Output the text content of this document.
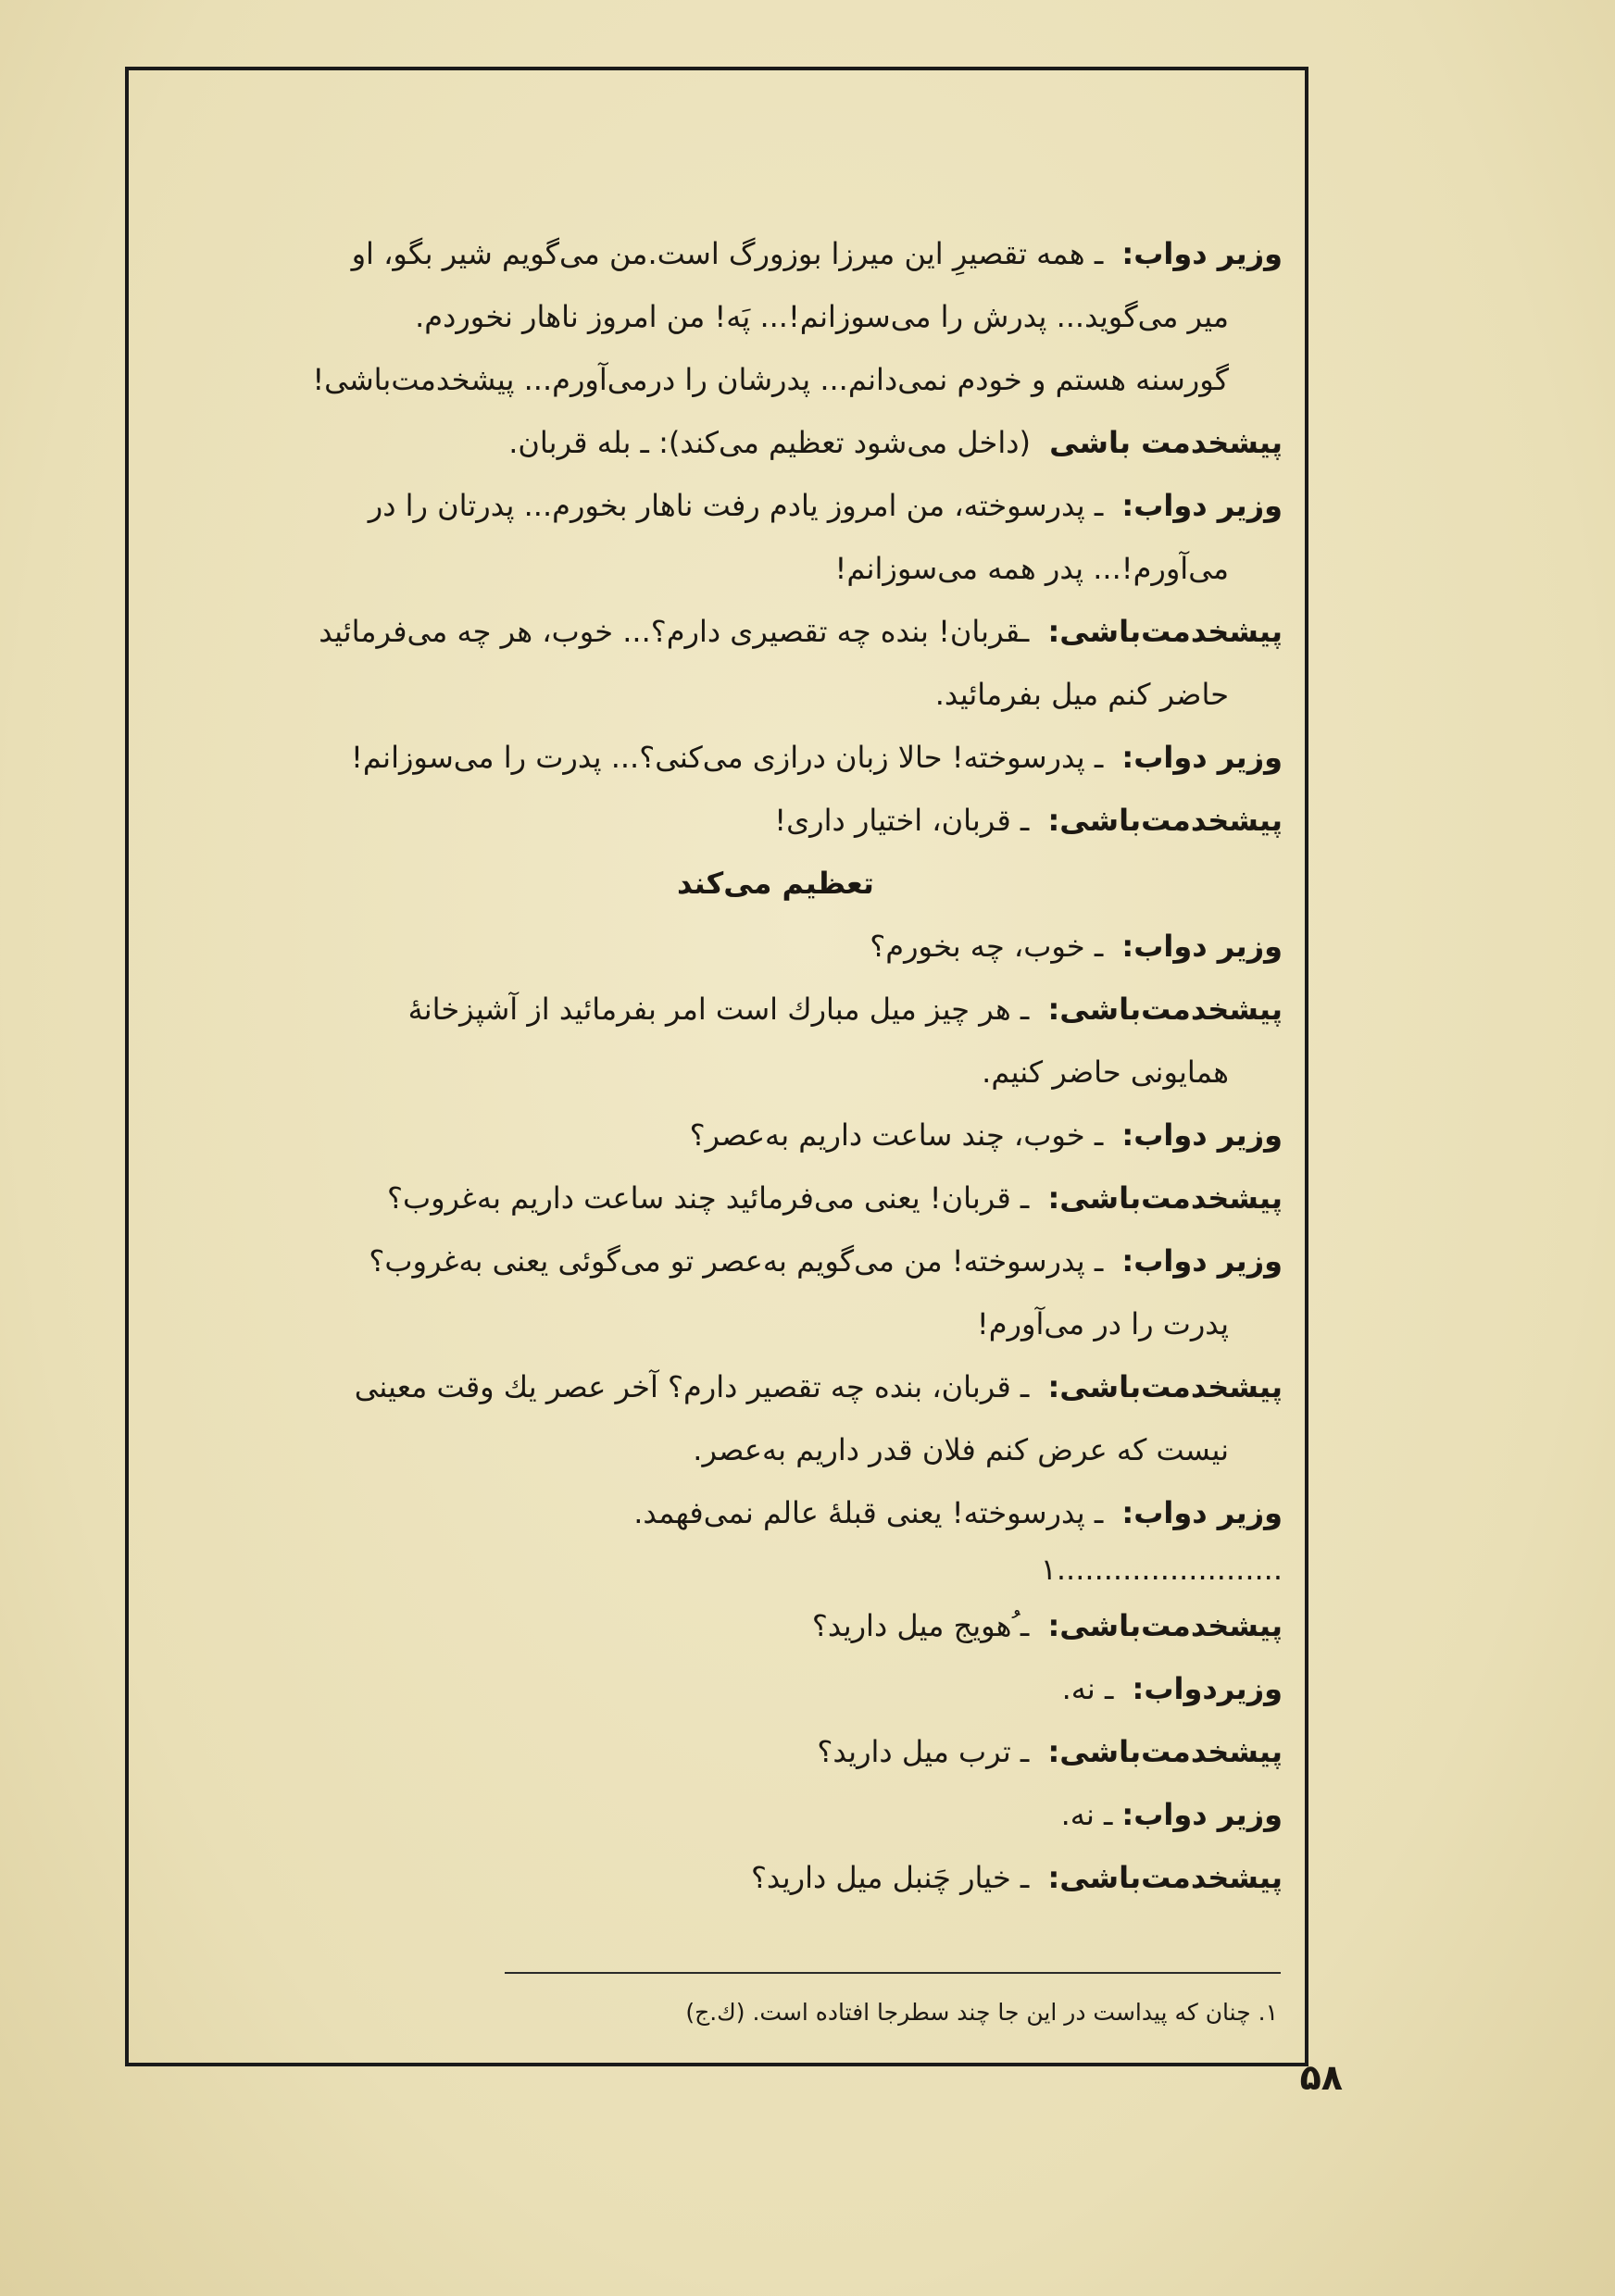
وزیر دواب: ـ همه تقصیرِ این میرزا بوزورگ است.من می‌گویم شیر بگو، او
میر می‌گوید... پدرش را می‌سوزانم!... پَه! من امروز ناهار نخوردم.
گورسنه هستم و خودم نمی‌دانم... پدرشان را درمی‌آورم... پیشخدمت‌باشی!
پیشخدمت باشی (داخل می‌شود تعظیم می‌کند): ـ بله قربان.
وزیر دواب: ـ پدرسوخته، من امروز یادم رفت ناهار بخورم... پدرتان را در
می‌آورم!... پدر همه می‌سوزانم!
پیشخدمت‌باشی: ـقربان! بنده چه تقصیری دارم؟... خوب، هر چه می‌فرمائید
حاضر کنم میل بفرمائید.
وزیر دواب: ـ پدرسوخته! حالا زبان درازی می‌کنی؟... پدرت را می‌سوزانم!
پیشخدمت‌باشی: ـ قربان، اختیار داری!
تعظیم می‌کند
وزیر دواب: ـ خوب، چه بخورم؟
پیشخدمت‌باشی: ـ هر چیز میل مبارك است امر بفرمائید از آشپزخانهٔ
همایونی حاضر کنیم.
وزیر دواب: ـ خوب، چند ساعت داریم به‌عصر؟
پیشخدمت‌باشی: ـ قربان! یعنی می‌فرمائید چند ساعت داریم به‌غروب؟
وزیر دواب: ـ پدرسوخته! من می‌گویم به‌عصر تو می‌گوئی یعنی به‌غروب؟
پدرت را در می‌آورم!
پیشخدمت‌باشی: ـ قربان، بنده چه تقصیر دارم؟ آخر عصر یك وقت معینی
نیست که عرض کنم فلان قدر داریم به‌عصر.
وزیر دواب: ـ پدرسوخته! یعنی قبلهٔ عالم نمی‌فهمد.
........................۱
پیشخدمت‌باشی: ـ ُهویج میل دارید؟
وزیردواب: ـ نه.
پیشخدمت‌باشی: ـ ترب میل دارید؟
وزیر دواب:ـ نه.
پیشخدمت‌باشی: ـ خیار چَنبل میل دارید؟
۱. چنان که پیداست در این جا چند سطرجا افتاده است. (ك.ج)
۵۸
